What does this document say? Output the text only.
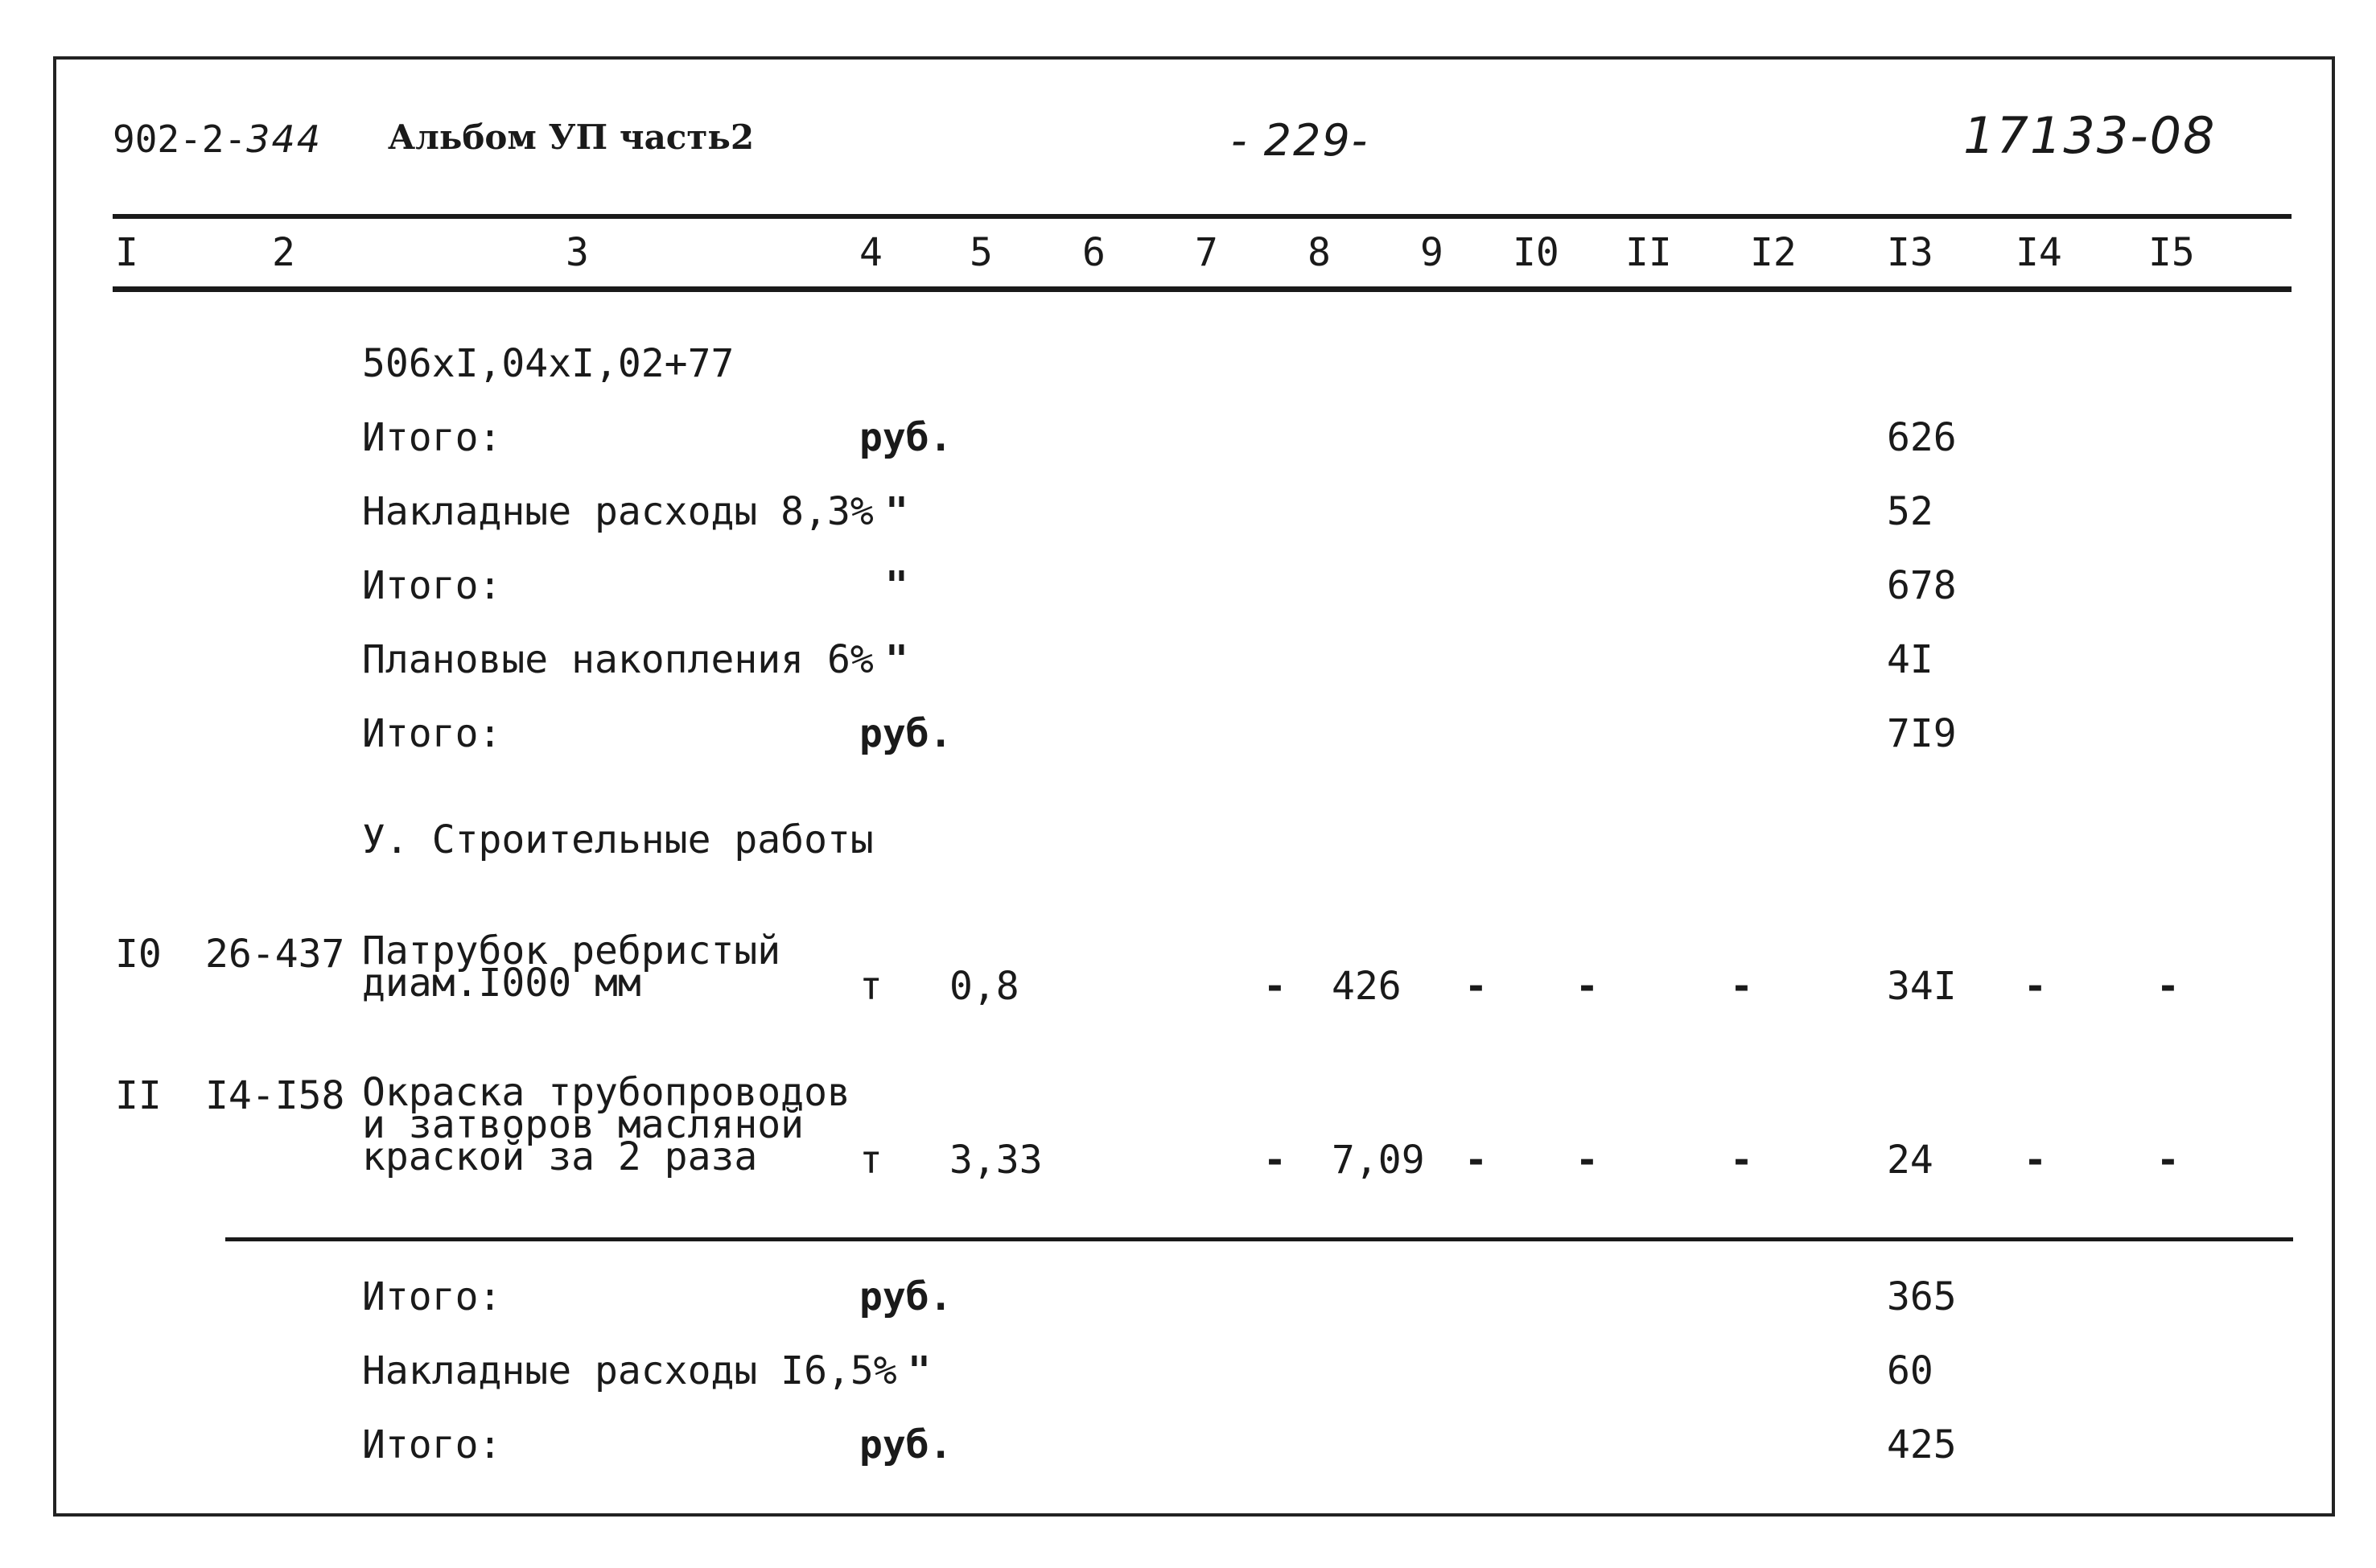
902-2-344 Альбом УП часть2	- 229-	17133-08
I	2	3	4 5 6 7 8 9 I0 II I2 I3 I4 I5
506xI,04xI,02+77
Итого:	руб.	626
Накладные расходы 8,3% "	52
Итого:	"	678
Плановые накопления 6% "	4I
Итого:	руб.	7I9
У. Строительные работы
I0 26-437 Патрубок ребристый
диам.I000 мм	т 0,8	- 426 - -	-	34I -	-
II I4-I58 Окраска трубопроводов
и затворов масляной
краской за 2 раза	т 3,33	- 7,09 - -	-	24 -	-
Итого:	руб.	365
Накладные расходы I6,5% "	60
Итого:	руб.	425
